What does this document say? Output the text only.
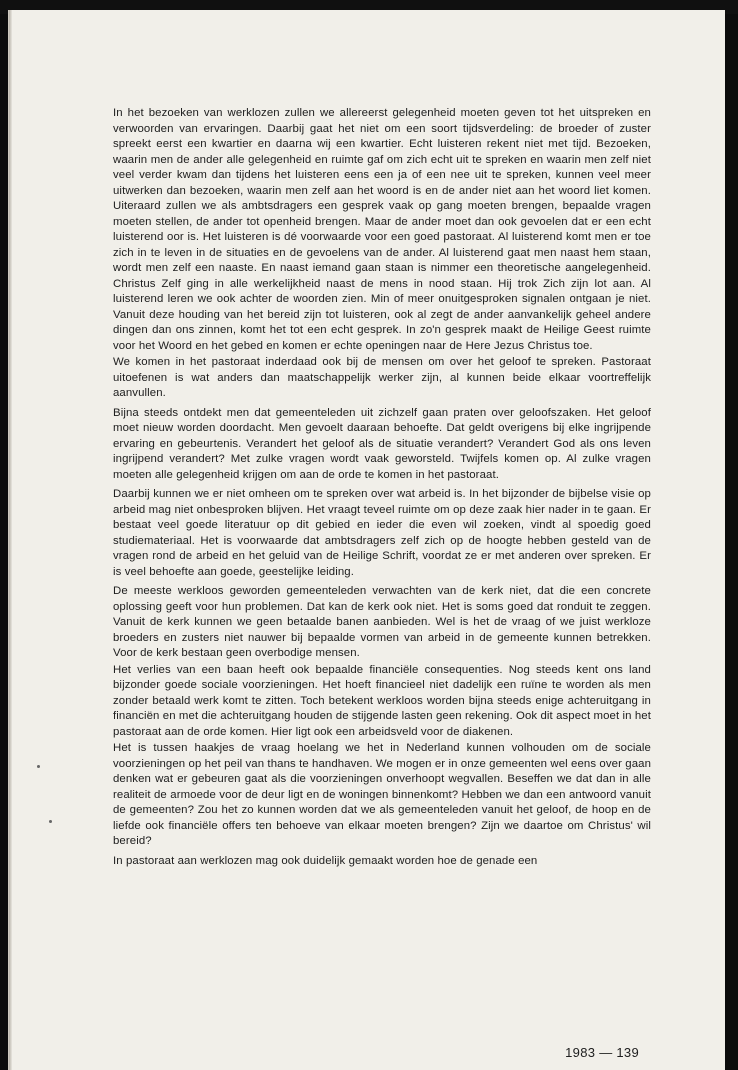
In het bezoeken van werklozen zullen we allereerst gelegenheid moeten geven tot het uitspreken en verwoorden van ervaringen. Daarbij gaat het niet om een soort tijdsverdeling: de broeder of zuster spreekt eerst een kwartier en daarna wij een kwartier. Echt luisteren rekent niet met tijd. Bezoeken, waarin men de ander alle gelegenheid en ruimte gaf om zich echt uit te spreken en waarin men zelf niet veel verder kwam dan tijdens het luisteren eens een ja of een nee uit te spreken, kunnen veel meer uitwerken dan bezoeken, waarin men zelf aan het woord is en de ander niet aan het woord liet komen. Uiteraard zullen we als ambtsdragers een gesprek vaak op gang moeten brengen, bepaalde vragen moeten stellen, de ander tot openheid brengen. Maar de ander moet dan ook gevoelen dat er een echt luisterend oor is. Het luisteren is dé voorwaarde voor een goed pastoraat. Al luisterend komt men er toe zich in te leven in de situaties en de gevoelens van de ander. Al luisterend gaat men naast hem staan, wordt men zelf een naaste. En naast iemand gaan staan is nimmer een theoretische aangelegenheid. Christus Zelf ging in alle werkelijkheid naast de mens in nood staan. Hij trok Zich zijn lot aan. Al luisterend leren we ook achter de woorden zien. Min of meer onuitgesproken signalen ontgaan je niet. Vanuit deze houding van het bereid zijn tot luisteren, ook al zegt de ander aanvankelijk geheel andere dingen dan ons zinnen, komt het tot een echt gesprek. In zo'n gesprek maakt de Heilige Geest ruimte voor het Woord en het gebed en komen er echte openingen naar de Here Jezus Christus toe.

We komen in het pastoraat inderdaad ook bij de mensen om over het geloof te spreken. Pastoraat uitoefenen is wat anders dan maatschappelijk werker zijn, al kunnen beide elkaar voortreffelijk aanvullen.

Bijna steeds ontdekt men dat gemeenteleden uit zichzelf gaan praten over geloofszaken. Het geloof moet nieuw worden doordacht. Men gevoelt daaraan behoefte. Dat geldt overigens bij elke ingrijpende ervaring en gebeurtenis. Verandert het geloof als de situatie verandert? Verandert God als ons leven ingrijpend verandert? Met zulke vragen wordt vaak geworsteld. Twijfels komen op. Al zulke vragen moeten alle gelegenheid krijgen om aan de orde te komen in het pastoraat.

Daarbij kunnen we er niet omheen om te spreken over wat arbeid is. In het bijzonder de bijbelse visie op arbeid mag niet onbesproken blijven. Het vraagt teveel ruimte om op deze zaak hier nader in te gaan. Er bestaat veel goede literatuur op dit gebied en ieder die even wil zoeken, vindt al spoedig goed studiemateriaal. Het is voorwaarde dat ambtsdragers zelf zich op de hoogte hebben gesteld van de vragen rond de arbeid en het geluid van de Heilige Schrift, voordat ze er met anderen over spreken. Er is veel behoefte aan goede, geestelijke leiding.

De meeste werkloos geworden gemeenteleden verwachten van de kerk niet, dat die een concrete oplossing geeft voor hun problemen. Dat kan de kerk ook niet. Het is soms goed dat ronduit te zeggen. Vanuit de kerk kunnen we geen betaalde banen aanbieden. Wel is het de vraag of we juist werkloze broeders en zusters niet nauwer bij bepaalde vormen van arbeid in de gemeente kunnen betrekken. Voor de kerk bestaan geen overbodige mensen.

Het verlies van een baan heeft ook bepaalde financiële consequenties. Nog steeds kent ons land bijzonder goede sociale voorzieningen. Het hoeft financieel niet dadelijk een ruïne te worden als men zonder betaald werk komt te zitten. Toch betekent werkloos worden bijna steeds enige achteruitgang in financiën en met die achteruitgang houden de stijgende lasten geen rekening. Ook dit aspect moet in het pastoraat aan de orde komen. Hier ligt ook een arbeidsveld voor de diakenen.

Het is tussen haakjes de vraag hoelang we het in Nederland kunnen volhouden om de sociale voorzieningen op het peil van thans te handhaven. We mogen er in onze gemeenten wel eens over gaan denken wat er gebeuren gaat als die voorzieningen onverhoopt wegvallen. Beseffen we dat dan in alle realiteit de armoede voor de deur ligt en de woningen binnenkomt? Hebben we dan een antwoord vanuit de gemeenten? Zou het zo kunnen worden dat we als gemeenteleden vanuit het geloof, de hoop en de liefde ook financiële offers ten behoeve van elkaar moeten brengen? Zijn we daartoe om Christus' wil bereid?

In pastoraat aan werklozen mag ook duidelijk gemaakt worden hoe de genade een

1983 — 139
